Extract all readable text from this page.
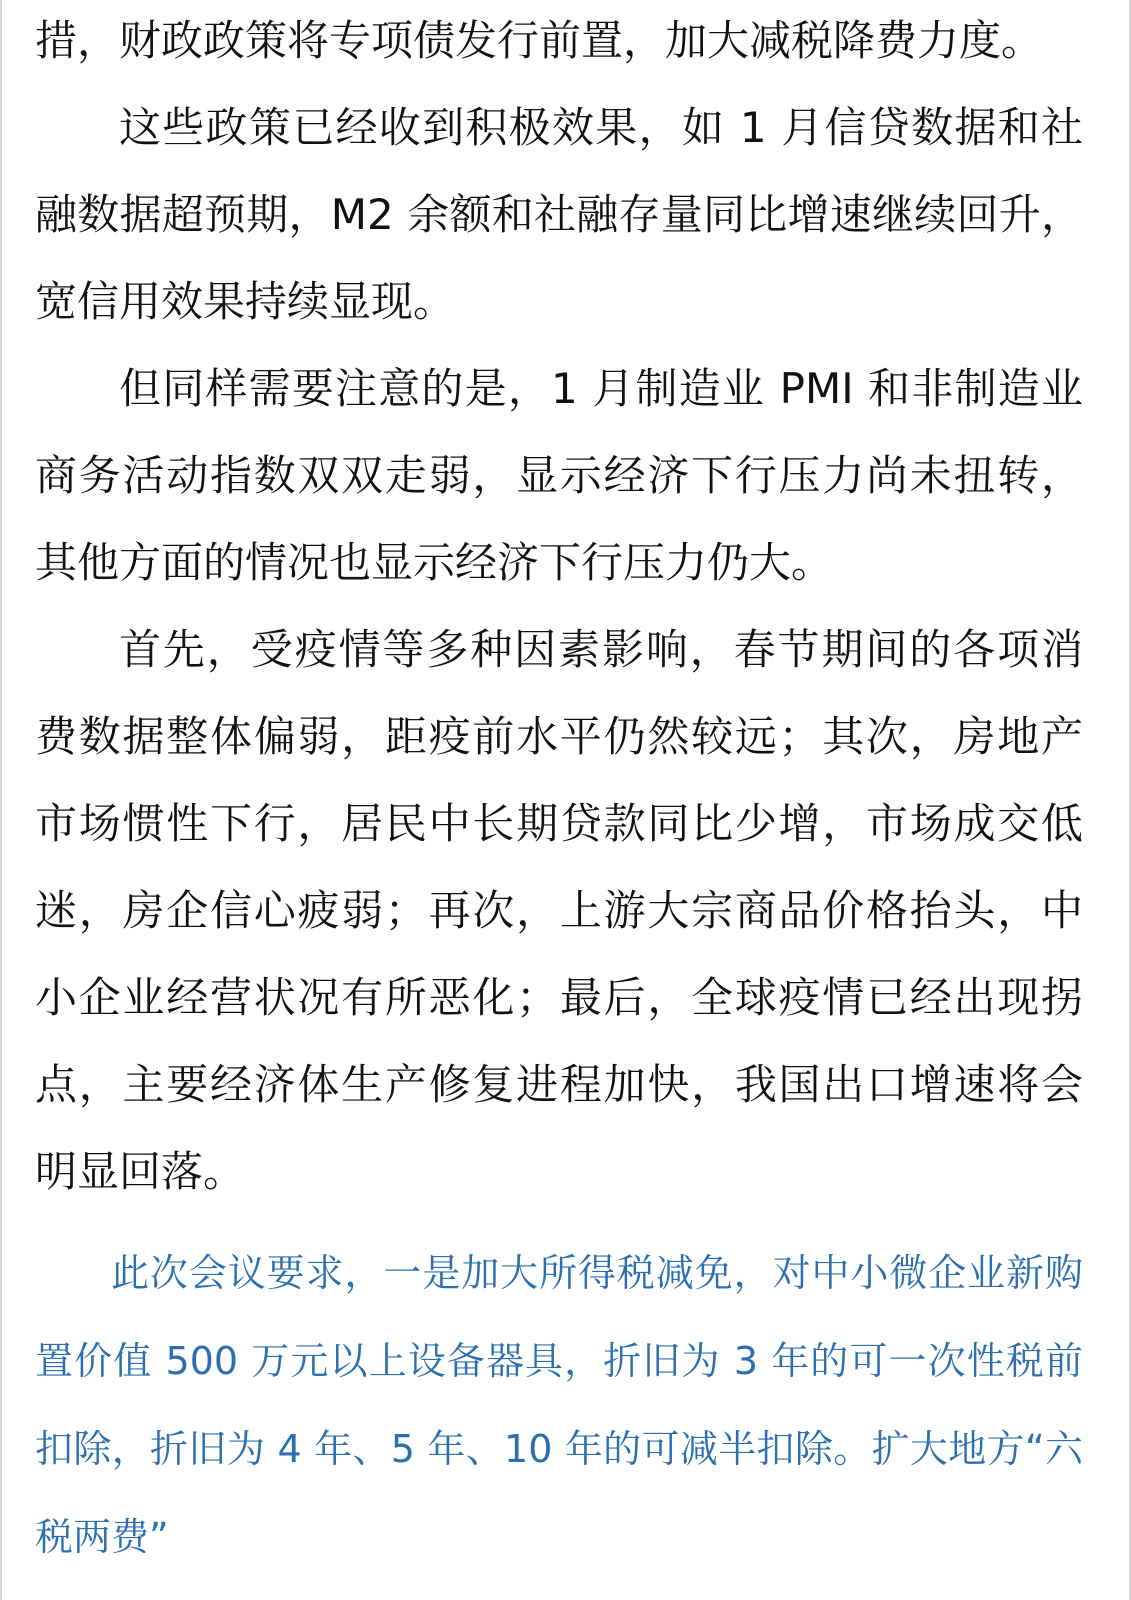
措，财政政策将专项债发行前置，加大减税降费力度。

这些政策已经收到积极效果，如 1 月信贷数据和社融数据超预期，M2 余额和社融存量同比增速继续回升，宽信用效果持续显现。

但同样需要注意的是，1 月制造业 PMI 和非制造业商务活动指数双双走弱，显示经济下行压力尚未扭转，其他方面的情况也显示经济下行压力仍大。

首先，受疫情等多种因素影响，春节期间的各项消费数据整体偏弱，距疫前水平仍然较远；其次，房地产市场惯性下行，居民中长期贷款同比少增，市场成交低迷，房企信心疲弱；再次，上游大宗商品价格抬头，中小企业经营状况有所恶化；最后，全球疫情已经出现拐点，主要经济体生产修复进程加快，我国出口增速将会明显回落。

此次会议要求，一是加大所得税减免，对中小微企业新购置价值 500 万元以上设备器具，折旧为 3 年的可一次性税前扣除，折旧为 4 年、5 年、10 年的可减半扣除。扩大地方“六税两费”
